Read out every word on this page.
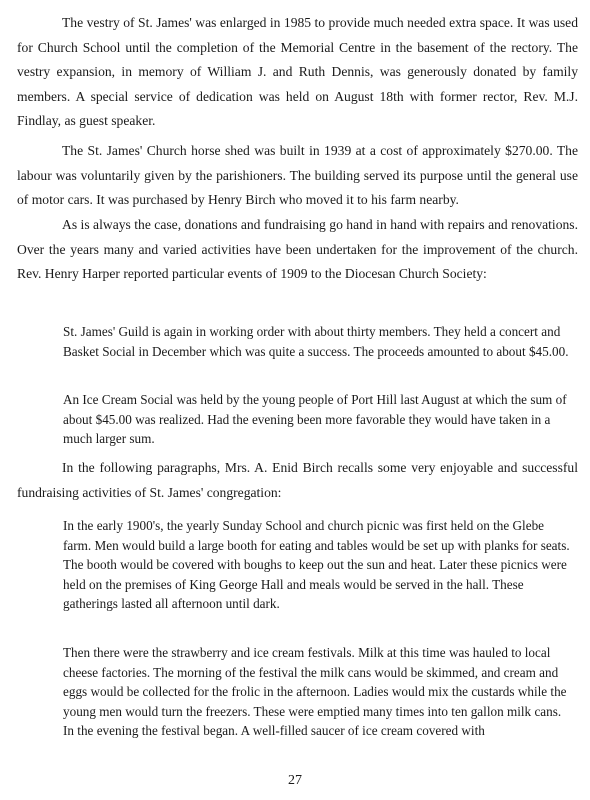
The vestry of St. James' was enlarged in 1985 to provide much needed extra space. It was used for Church School until the completion of the Memorial Centre in the basement of the rectory. The vestry expansion, in memory of William J. and Ruth Dennis, was generously donated by family members. A special service of dedication was held on August 18th with former rector, Rev. M.J. Findlay, as guest speaker.

The St. James' Church horse shed was built in 1939 at a cost of approximately $270.00. The labour was voluntarily given by the parishioners. The building served its purpose until the general use of motor cars. It was purchased by Henry Birch who moved it to his farm nearby.

As is always the case, donations and fundraising go hand in hand with repairs and renovations. Over the years many and varied activities have been undertaken for the improvement of the church. Rev. Henry Harper reported particular events of 1909 to the Diocesan Church Society:

St. James' Guild is again in working order with about thirty members. They held a concert and Basket Social in December which was quite a success. The proceeds amounted to about $45.00.

An Ice Cream Social was held by the young people of Port Hill last August at which the sum of about $45.00 was realized. Had the evening been more favorable they would have taken in a much larger sum.

In the following paragraphs, Mrs. A. Enid Birch recalls some very enjoyable and successful fundraising activities of St. James' congregation:

In the early 1900's, the yearly Sunday School and church picnic was first held on the Glebe farm. Men would build a large booth for eating and tables would be set up with planks for seats. The booth would be covered with boughs to keep out the sun and heat. Later these picnics were held on the premises of King George Hall and meals would be served in the hall. These gatherings lasted all afternoon until dark.

Then there were the strawberry and ice cream festivals. Milk at this time was hauled to local cheese factories. The morning of the festival the milk cans would be skimmed, and cream and eggs would be collected for the frolic in the afternoon. Ladies would mix the custards while the young men would turn the freezers. These were emptied many times into ten gallon milk cans. In the evening the festival began. A well-filled saucer of ice cream covered with

27
